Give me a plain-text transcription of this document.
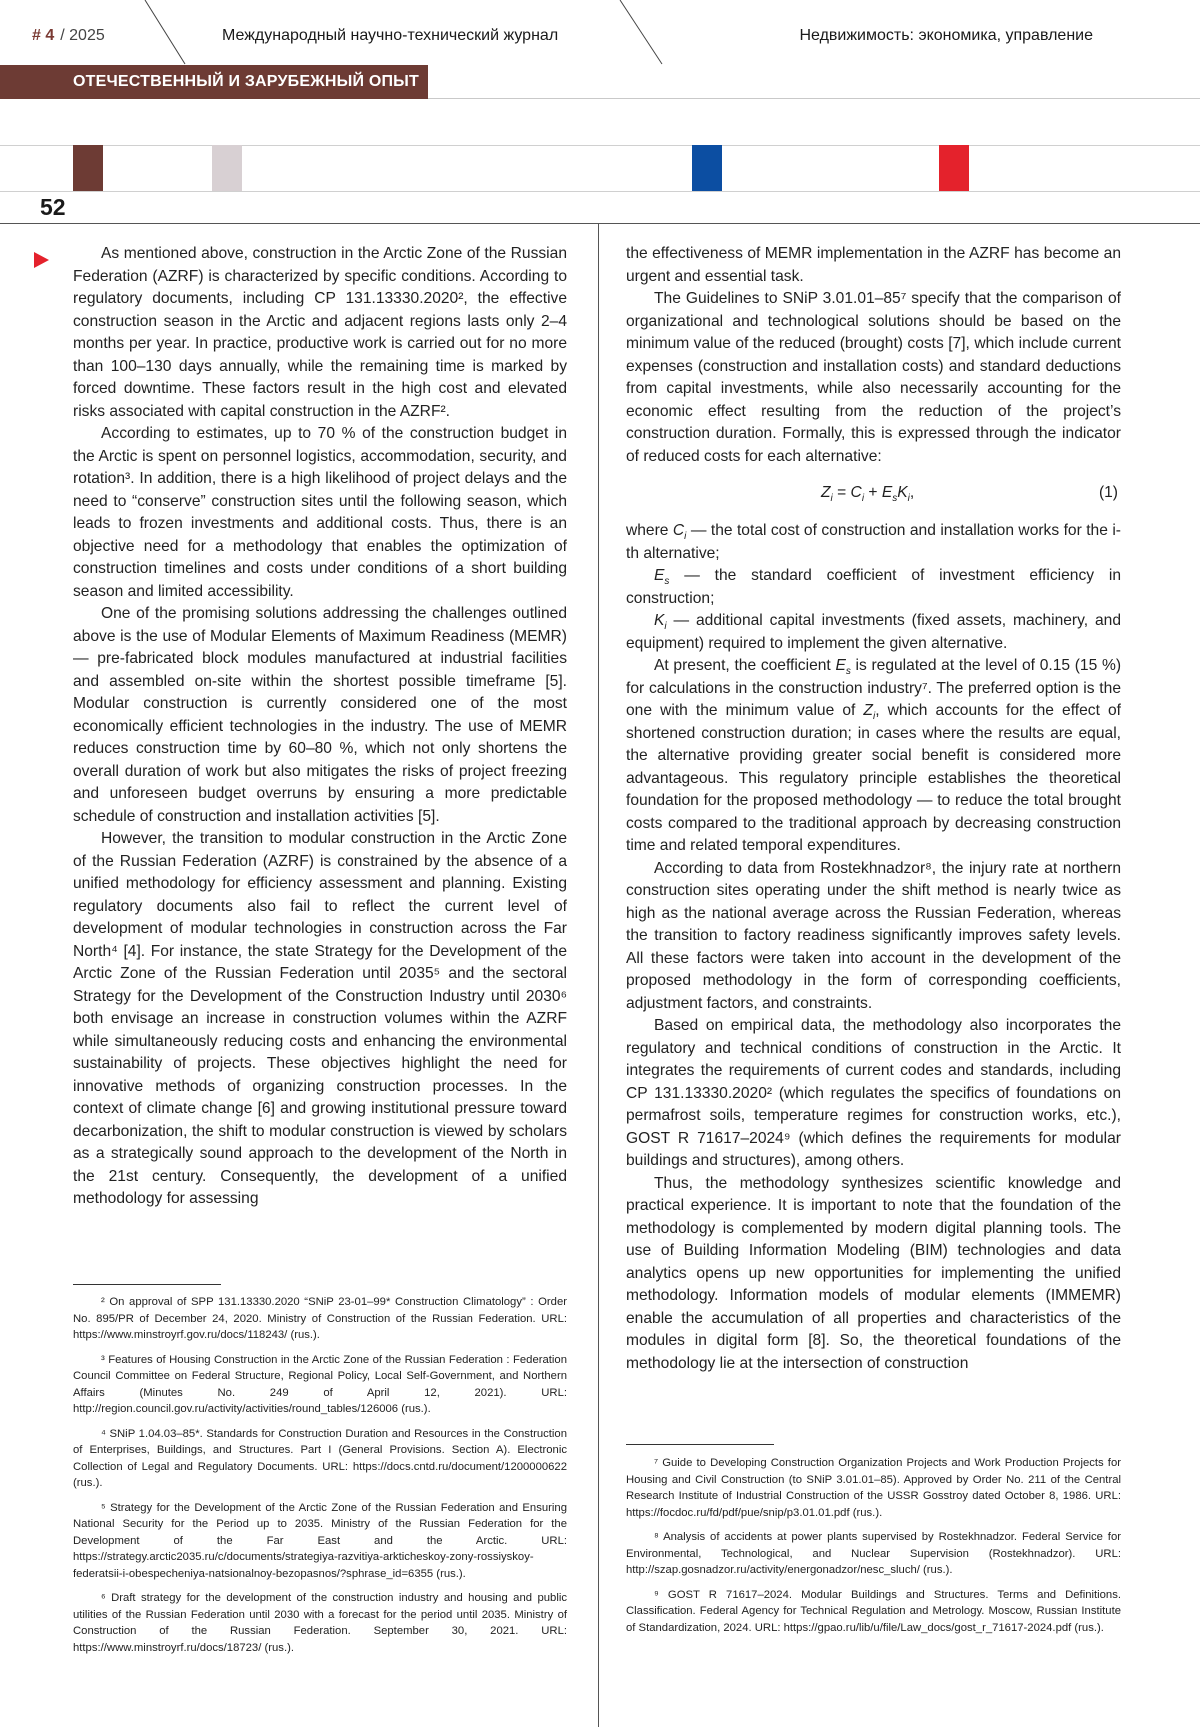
# 4 / 2025	Международный научно-технический журнал	Недвижимость: экономика, управление
ОТЕЧЕСТВЕННЫЙ И ЗАРУБЕЖНЫЙ ОПЫТ
52

As mentioned above, construction in the Arctic Zone of the Russian Federation (AZRF) is characterized by specific conditions. According to regulatory documents, including CP 131.13330.2020², the effective construction season in the Arctic and adjacent regions lasts only 2–4 months per year. In practice, productive work is carried out for no more than 100–130 days annually, while the remaining time is marked by forced downtime. These factors result in the high cost and elevated risks associated with capital construction in the AZRF².

According to estimates, up to 70 % of the construction budget in the Arctic is spent on personnel logistics, accommodation, security, and rotation³. In addition, there is a high likelihood of project delays and the need to “conserve” construction sites until the following season, which leads to frozen investments and additional costs. Thus, there is an objective need for a methodology that enables the optimization of construction timelines and costs under conditions of a short building season and limited accessibility.

One of the promising solutions addressing the challenges outlined above is the use of Modular Elements of Maximum Readiness (MEMR) — pre-fabricated block modules manufactured at industrial facilities and assembled on-site within the shortest possible timeframe [5]. Modular construction is currently considered one of the most economically efficient technologies in the industry. The use of MEMR reduces construction time by 60–80 %, which not only shortens the overall duration of work but also mitigates the risks of project freezing and unforeseen budget overruns by ensuring a more predictable schedule of construction and installation activities [5].

However, the transition to modular construction in the Arctic Zone of the Russian Federation (AZRF) is constrained by the absence of a unified methodology for efficiency assessment and planning. Existing regulatory documents also fail to reflect the current level of development of modular technologies in construction across the Far North⁴ [4]. For instance, the state Strategy for the Development of the Arctic Zone of the Russian Federation until 2035⁵ and the sectoral Strategy for the Development of the Construction Industry until 2030⁶ both envisage an increase in construction volumes within the AZRF while simultaneously reducing costs and enhancing the environmental sustainability of projects. These objectives highlight the need for innovative methods of organizing construction processes. In the context of climate change [6] and growing institutional pressure toward decarbonization, the shift to modular construction is viewed by scholars as a strategically sound approach to the development of the North in the 21st century. Consequently, the development of a unified methodology for assessing

the effectiveness of MEMR implementation in the AZRF has become an urgent and essential task.

The Guidelines to SNiP 3.01.01–85⁷ specify that the comparison of organizational and technological solutions should be based on the minimum value of the reduced (brought) costs [7], which include current expenses (construction and installation costs) and standard deductions from capital investments, while also necessarily accounting for the economic effect resulting from the reduction of the project’s construction duration. Formally, this is expressed through the indicator of reduced costs for each alternative:

$Z_i = C_i + E_sK_i$,	(1)

where $C_i$ — the total cost of construction and installation works for the i-th alternative;

$E_s$ — the standard coefficient of investment efficiency in construction;

$K_i$ — additional capital investments (fixed assets, machinery, and equipment) required to implement the given alternative.

At present, the coefficient $E_s$ is regulated at the level of 0.15 (15 %) for calculations in the construction industry⁷. The preferred option is the one with the minimum value of $Z_i$, which accounts for the effect of shortened construction duration; in cases where the results are equal, the alternative providing greater social benefit is considered more advantageous. This regulatory principle establishes the theoretical foundation for the proposed methodology — to reduce the total brought costs compared to the traditional approach by decreasing construction time and related temporal expenditures.

According to data from Rostekhnadzor⁸, the injury rate at northern construction sites operating under the shift method is nearly twice as high as the national average across the Russian Federation, whereas the transition to factory readiness significantly improves safety levels. All these factors were taken into account in the development of the proposed methodology in the form of corresponding coefficients, adjustment factors, and constraints.

Based on empirical data, the methodology also incorporates the regulatory and technical conditions of construction in the Arctic. It integrates the requirements of current codes and standards, including CP 131.13330.2020² (which regulates the specifics of foundations on permafrost soils, temperature regimes for construction works, etc.), GOST R 71617–2024⁹ (which defines the requirements for modular buildings and structures), among others.

Thus, the methodology synthesizes scientific knowledge and practical experience. It is important to note that the foundation of the methodology is complemented by modern digital planning tools. The use of Building Information Modeling (BIM) technologies and data analytics opens up new opportunities for implementing the unified methodology. Information models of modular elements (IMMEMR) enable the accumulation of all properties and characteristics of the modules in digital form [8]. So, the theoretical foundations of the methodology lie at the intersection of construction

² On approval of SPP 131.13330.2020 “SNiP 23-01–99* Construction Climatology” : Order No. 895/PR of December 24, 2020. Ministry of Construction of the Russian Federation. URL: https://www.minstroyrf.gov.ru/docs/118243/ (rus.).

³ Features of Housing Construction in the Arctic Zone of the Russian Federation : Federation Council Committee on Federal Structure, Regional Policy, Local Self-Government, and Northern Affairs (Minutes No. 249 of April 12, 2021). URL: http://region.council.gov.ru/activity/activities/round_tables/126006 (rus.).

⁴ SNiP 1.04.03–85*. Standards for Construction Duration and Resources in the Construction of Enterprises, Buildings, and Structures. Part I (General Provisions. Section A). Electronic Collection of Legal and Regulatory Documents. URL: https://docs.cntd.ru/document/1200000622 (rus.).

⁵ Strategy for the Development of the Arctic Zone of the Russian Federation and Ensuring National Security for the Period up to 2035. Ministry of the Russian Federation for the Development of the Far East and the Arctic. URL: https://strategy.arctic2035.ru/c/documents/strategiya-razvitiya-arkticheskoy-zony-rossiyskoy-federatsii-i-obespecheniya-natsionalnoy-bezopasnos/?sphrase_id=6355 (rus.).

⁶ Draft strategy for the development of the construction industry and housing and public utilities of the Russian Federation until 2030 with a forecast for the period until 2035. Ministry of Construction of the Russian Federation. September 30, 2021. URL: https://www.minstroyrf.ru/docs/18723/ (rus.).

⁷ Guide to Developing Construction Organization Projects and Work Production Projects for Housing and Civil Construction (to SNiP 3.01.01–85). Approved by Order No. 211 of the Central Research Institute of Industrial Construction of the USSR Gosstroy dated October 8, 1986. URL: https://focdoc.ru/fd/pdf/pue/snip/p3.01.01.pdf (rus.).

⁸ Analysis of accidents at power plants supervised by Rostekhnadzor. Federal Service for Environmental, Technological, and Nuclear Supervision (Rostekhnadzor). URL: http://szap.gosnadzor.ru/activity/energonadzor/nesc_sluch/ (rus.).

⁹ GOST R 71617–2024. Modular Buildings and Structures. Terms and Definitions. Classification. Federal Agency for Technical Regulation and Metrology. Moscow, Russian Institute of Standardization, 2024. URL: https://gpao.ru/lib/u/file/Law_docs/gost_r_71617-2024.pdf (rus.).
